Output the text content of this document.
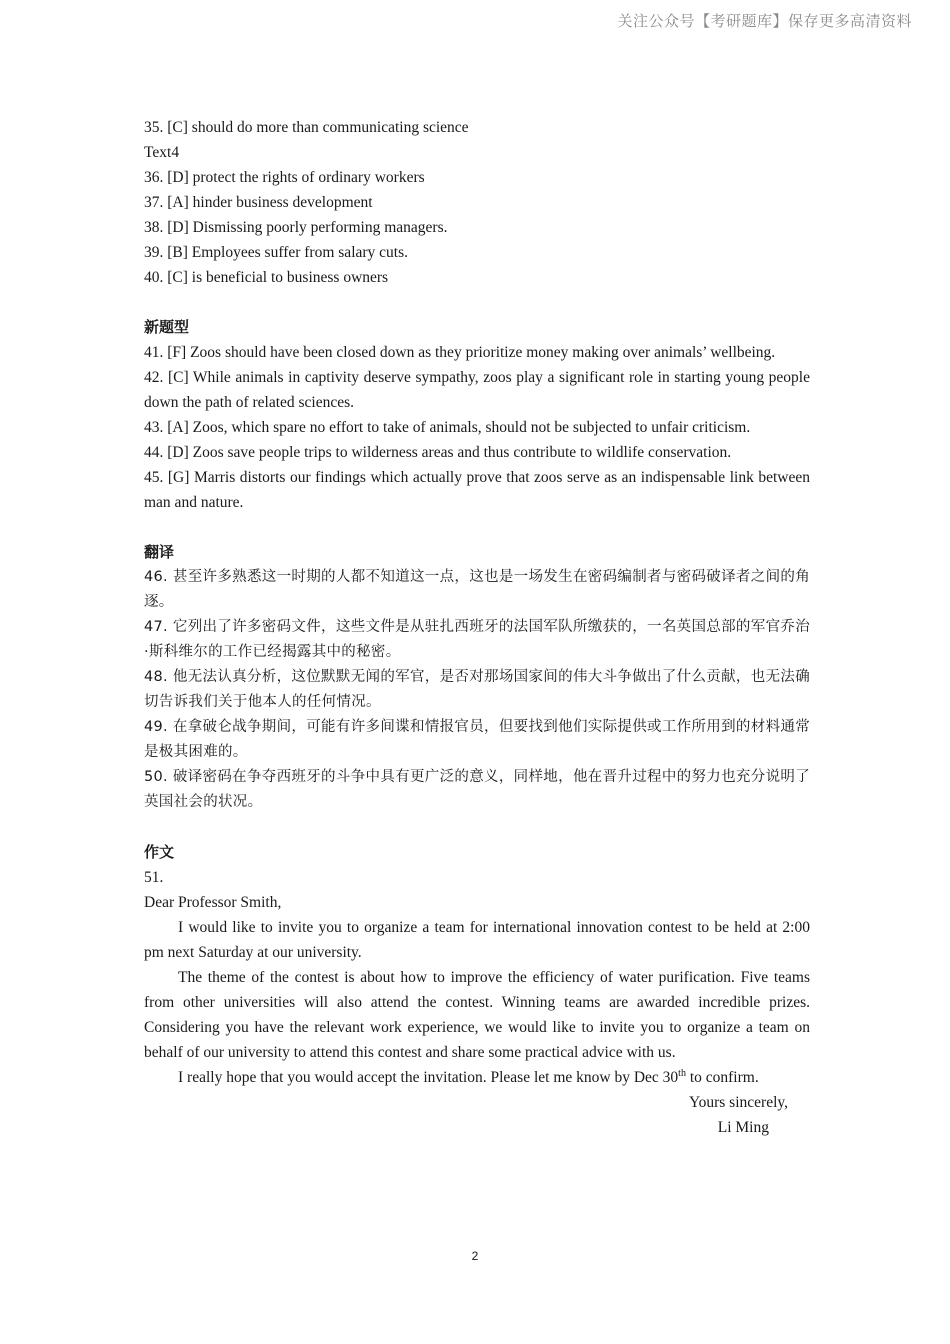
关注公众号【考研题库】保存更多高清资料
35. [C] should do more than communicating science
Text4
36. [D] protect the rights of ordinary workers
37. [A] hinder business development
38. [D] Dismissing poorly performing managers.
39. [B] Employees suffer from salary cuts.
40. [C] is beneficial to business owners
新题型
41. [F] Zoos should have been closed down as they prioritize money making over animals’ wellbeing.
42. [C] While animals in captivity deserve sympathy, zoos play a significant role in starting young people down the path of related sciences.
43. [A] Zoos, which spare no effort to take of animals, should not be subjected to unfair criticism.
44. [D] Zoos save people trips to wilderness areas and thus contribute to wildlife conservation.
45. [G] Marris distorts our findings which actually prove that zoos serve as an indispensable link between man and nature.
翻译
46. 甚至许多熟悉这一时期的人都不知道这一点，这也是一场发生在密码编制者与密码破译者之间的角逐。
47. 它列出了许多密码文件，这些文件是从驻扎西班牙的法国军队所缴获的，一名英国总部的军官乔治·斯科维尔的工作已经揭露其中的秘密。
48. 他无法认真分析，这位默默无闻的军官，是否对那场国家间的伟大斗争做出了什么贡献，也无法确切告诉我们关于他本人的任何情况。
49. 在拿破仑战争期间，可能有许多间谍和情报官员，但要找到他们实际提供或工作所用到的材料通常是极其困难的。
50. 破译密码在争夺西班牙的斗争中具有更广泛的意义，同样地，他在晋升过程中的努力也充分说明了英国社会的状况。
作文
51.
Dear Professor Smith,
I would like to invite you to organize a team for international innovation contest to be held at 2:00 pm next Saturday at our university.
The theme of the contest is about how to improve the efficiency of water purification. Five teams from other universities will also attend the contest. Winning teams are awarded incredible prizes. Considering you have the relevant work experience, we would like to invite you to organize a team on behalf of our university to attend this contest and share some practical advice with us.
I really hope that you would accept the invitation. Please let me know by Dec 30th to confirm.
Yours sincerely,
Li Ming
2
